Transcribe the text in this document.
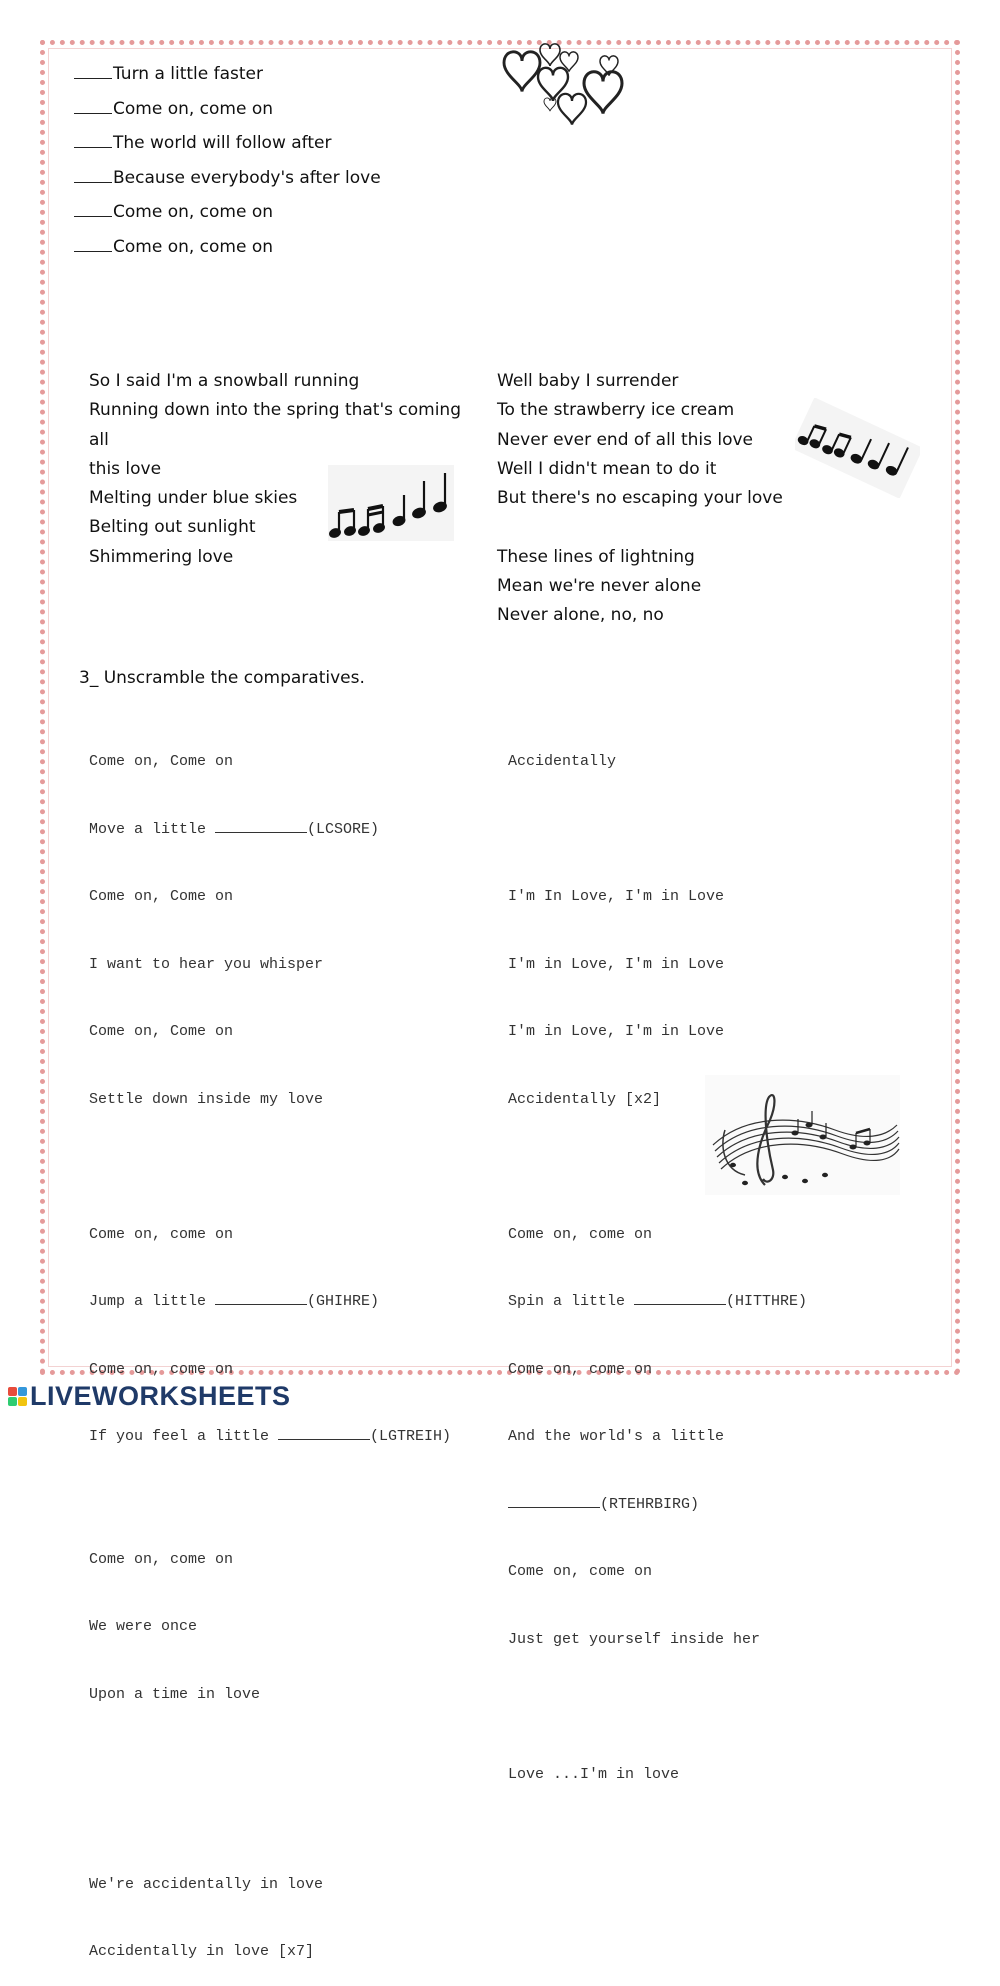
Turn a little faster
Come on, come on
The world will follow after
Because everybody's after love
Come on, come on
Come on, come on
So I said I'm a snowball running
Running down into the spring that's coming all
this love
Melting under blue skies
Belting out sunlight
Shimmering love
Well baby I surrender
To the strawberry ice cream
Never ever end of all this love
Well I didn't mean to do it
But there's no escaping your love
These lines of lightning
Mean we're never alone
Never alone, no, no
3_ Unscramble the comparatives.

Come on, Come on

Move a little	(LCSORE)

Come on, Come on

I want to hear you whisper

Come on, Come on

Settle down inside my love

Come on, come on

Jump a little	(GHIHRE)

Come on, come on

If you feel a little	(LGTREIH)

Come on, come on

We were once

Upon a time in love

We're accidentally in love

Accidentally in love [x7]

Accidentally

I'm In Love, I'm in Love

I'm in Love, I'm in Love

I'm in Love, I'm in Love

Accidentally [x2]

Come on, come on

Spin a little	(HITTHRE)

Come on, come on

And the world's a little

(RTEHRBIRG)

Come on, come on

Just get yourself inside her

Love ...I'm in love

LIVEWORKSHEETS
